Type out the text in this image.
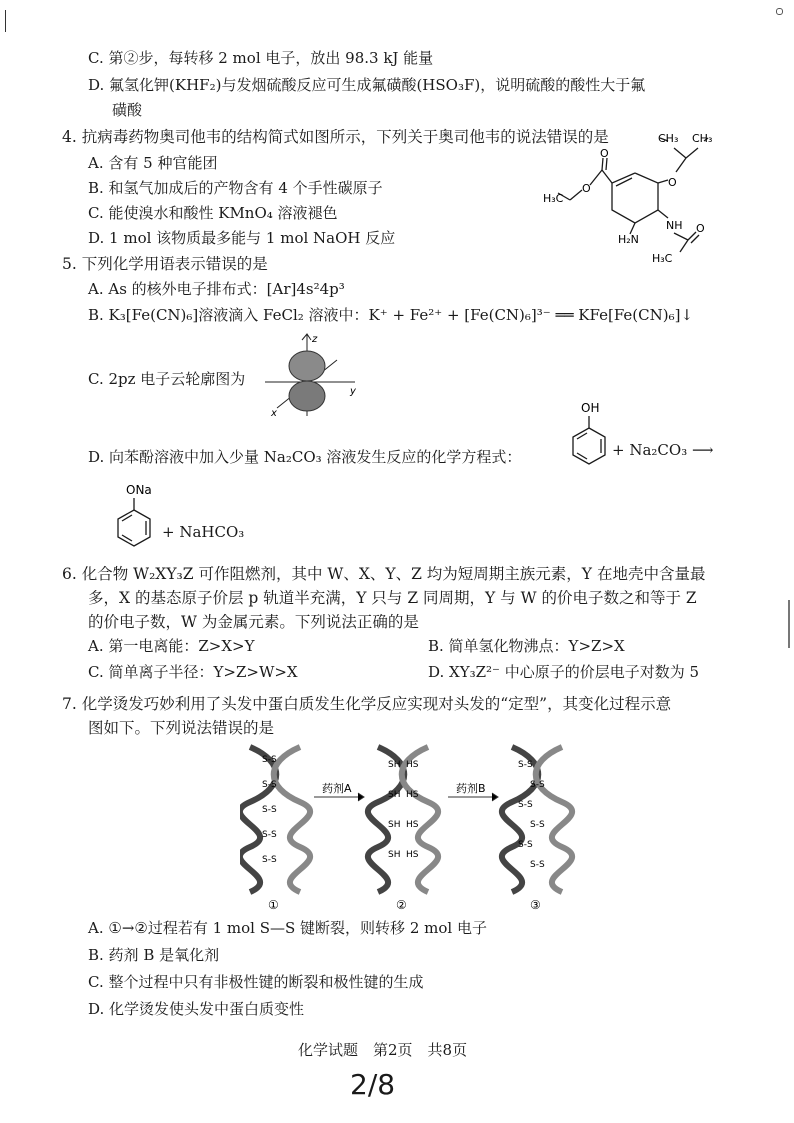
C. 第②步，每转移 2 mol 电子，放出 98.3 kJ 能量
D. 氟氢化钾(KHF₂)与发烟硫酸反应可生成氟磺酸(HSO₃F)，说明硫酸的酸性大于氟
磺酸
4. 抗病毒药物奥司他韦的结构简式如图所示，下列关于奥司他韦的说法错误的是
A. 含有 5 种官能团
B. 和氢气加成后的产物含有 4 个手性碳原子
C. 能使溴水和酸性 KMnO₄ 溶液褪色
D. 1 mol 该物质最多能与 1 mol NaOH 反应
CH₃ CH₃
H₃C
O
O	O
NH
H₂N
O
H₃C
5. 下列化学用语表示错误的是
A. As 的核外电子排布式：[Ar]4s²4p³
B. K₃[Fe(CN)₆]溶液滴入 FeCl₂ 溶液中：K⁺ + Fe²⁺ + [Fe(CN)₆]³⁻ ══ KFe[Fe(CN)₆]↓
C. 2pz 电子云轮廓图为
z
y
x
D. 向苯酚溶液中加入少量 Na₂CO₃ 溶液发生反应的化学方程式：
OH
+ Na₂CO₃ ⟶
ONa
+ NaHCO₃
6. 化合物 W₂XY₃Z 可作阻燃剂，其中 W、X、Y、Z 均为短周期主族元素，Y 在地壳中含量最
多，X 的基态原子价层 p 轨道半充满，Y 只与 Z 同周期，Y 与 W 的价电子数之和等于 Z
的价电子数，W 为金属元素。下列说法正确的是
A. 第一电离能：Z>X>Y	B. 简单氢化物沸点：Y>Z>X
C. 简单离子半径：Y>Z>W>X	D. XY₃Z²⁻ 中心原子的价层电子对数为 5
7. 化学烫发巧妙利用了头发中蛋白质发生化学反应实现对头发的“定型”，其变化过程示意
图如下。下列说法错误的是
药剂A	药剂B
S-S
S-S
S-S
S-S
S-S
SH HS
SH HS
SH HS
SH HS
S-S
S-S
S-S
S-S
S-S
S-S
①	②	③
A. ①→②过程若有 1 mol S—S 键断裂，则转移 2 mol 电子
B. 药剂 B 是氧化剂
C. 整个过程中只有非极性键的断裂和极性键的生成
D. 化学烫发使头发中蛋白质变性
化学试题　第2页　共8页
2/8
